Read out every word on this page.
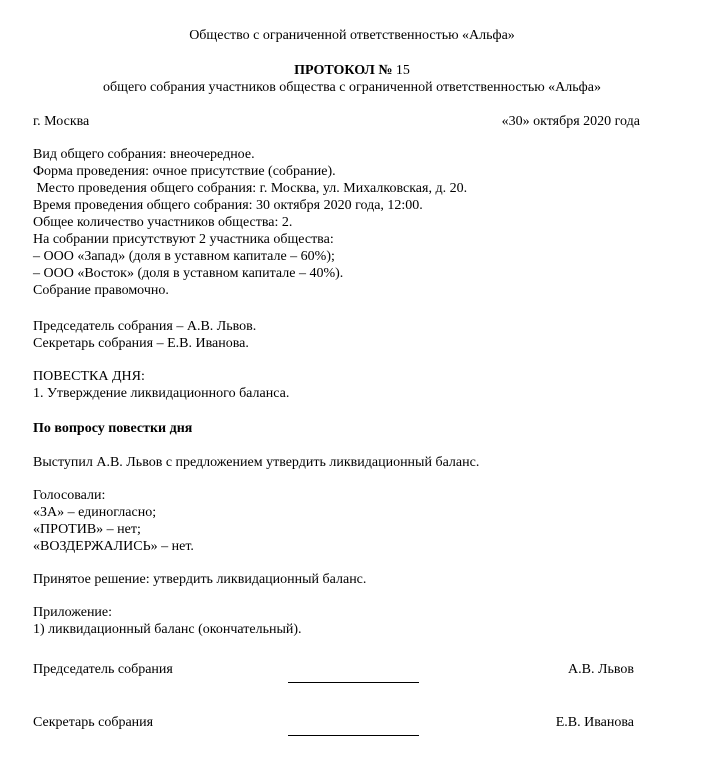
Общество с ограниченной ответственностью «Альфа»
ПРОТОКОЛ № 15
общего собрания участников общества с ограниченной ответственностью «Альфа»
г. Москва	«30» октября 2020 года
Вид общего собрания: внеочередное.
Форма проведения: очное присутствие (собрание).
Место проведения общего собрания: г. Москва, ул. Михалковская, д. 20.
Время проведения общего собрания: 30 октября 2020 года, 12:00.
Общее количество участников общества: 2.
На собрании присутствуют 2 участника общества:
– ООО «Запад» (доля в уставном капитале – 60%);
– ООО «Восток» (доля в уставном капитале – 40%).
Собрание правомочно.
Председатель собрания – А.В. Львов.
Секретарь собрания – Е.В. Иванова.
ПОВЕСТКА ДНЯ:
1. Утверждение ликвидационного баланса.
По вопросу повестки дня
Выступил А.В. Львов с предложением утвердить ликвидационный баланс.
Голосовали:
«ЗА» – единогласно;
«ПРОТИВ» – нет;
«ВОЗДЕРЖАЛИСЬ» – нет.
Принятое решение: утвердить ликвидационный баланс.
Приложение:
1) ликвидационный баланс (окончательный).
Председатель собрания	А.В. Львов
Секретарь собрания	Е.В. Иванова
